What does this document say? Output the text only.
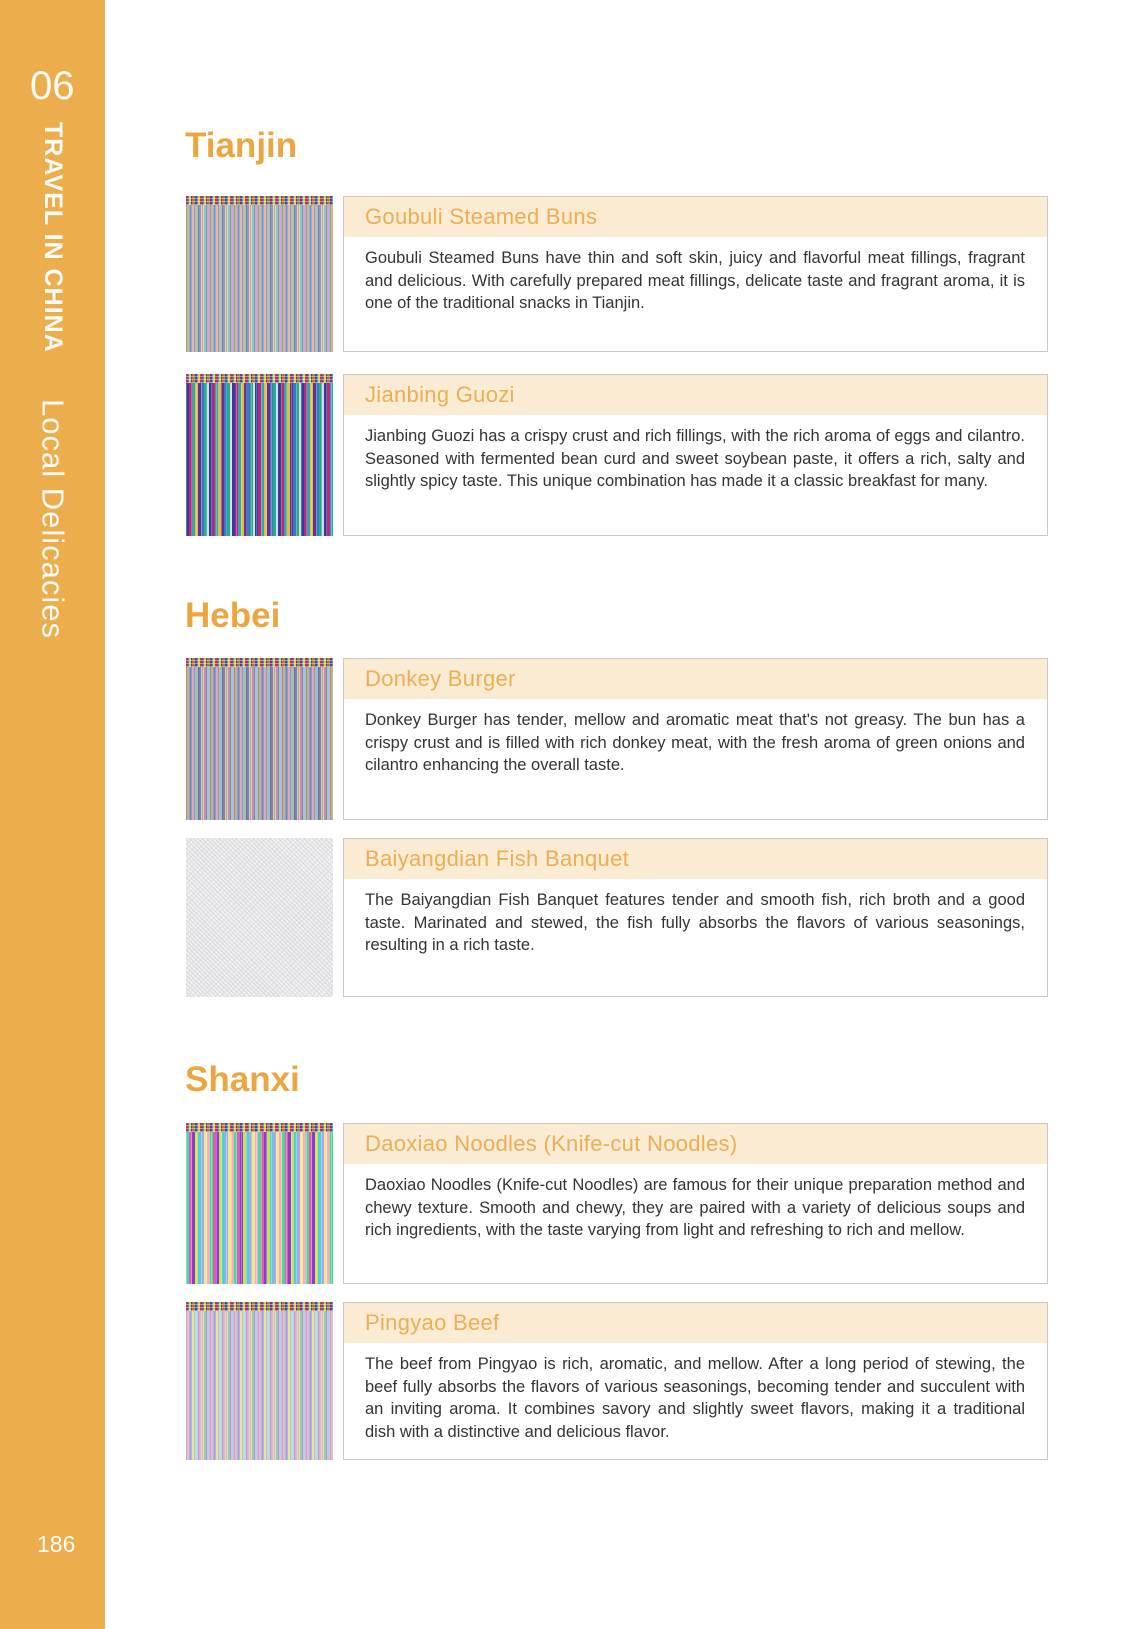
06
TRAVEL IN CHINA
Local Delicacies
186
Tianjin
Goubuli Steamed Buns

Goubuli Steamed Buns have thin and soft skin, juicy and flavorful meat fillings, fragrant and delicious. With carefully prepared meat fillings, delicate taste and fragrant aroma, it is one of the traditional snacks in Tianjin.

Jianbing Guozi

Jianbing Guozi has a crispy crust and rich fillings, with the rich aroma of eggs and cilantro. Seasoned with fermented bean curd and sweet soybean paste, it offers a rich, salty and slightly spicy taste. This unique combination has made it a classic breakfast for many.

Hebei
Donkey Burger

Donkey Burger has tender, mellow and aromatic meat that's not greasy. The bun has a crispy crust and is filled with rich donkey meat, with the fresh aroma of green onions and cilantro enhancing the overall taste.

Baiyangdian Fish Banquet

The Baiyangdian Fish Banquet features tender and smooth fish, rich broth and a good taste. Marinated and stewed, the fish fully absorbs the flavors of various seasonings, resulting in a rich taste.

Shanxi
Daoxiao Noodles (Knife-cut Noodles)

Daoxiao Noodles (Knife-cut Noodles) are famous for their unique preparation method and chewy texture. Smooth and chewy, they are paired with a variety of delicious soups and rich ingredients, with the taste varying from light and refreshing to rich and mellow.

Pingyao Beef

The beef from Pingyao is rich, aromatic, and mellow. After a long period of stewing, the beef fully absorbs the flavors of various seasonings, becoming tender and succulent with an inviting aroma. It combines savory and slightly sweet flavors, making it a traditional dish with a distinctive and delicious flavor.
